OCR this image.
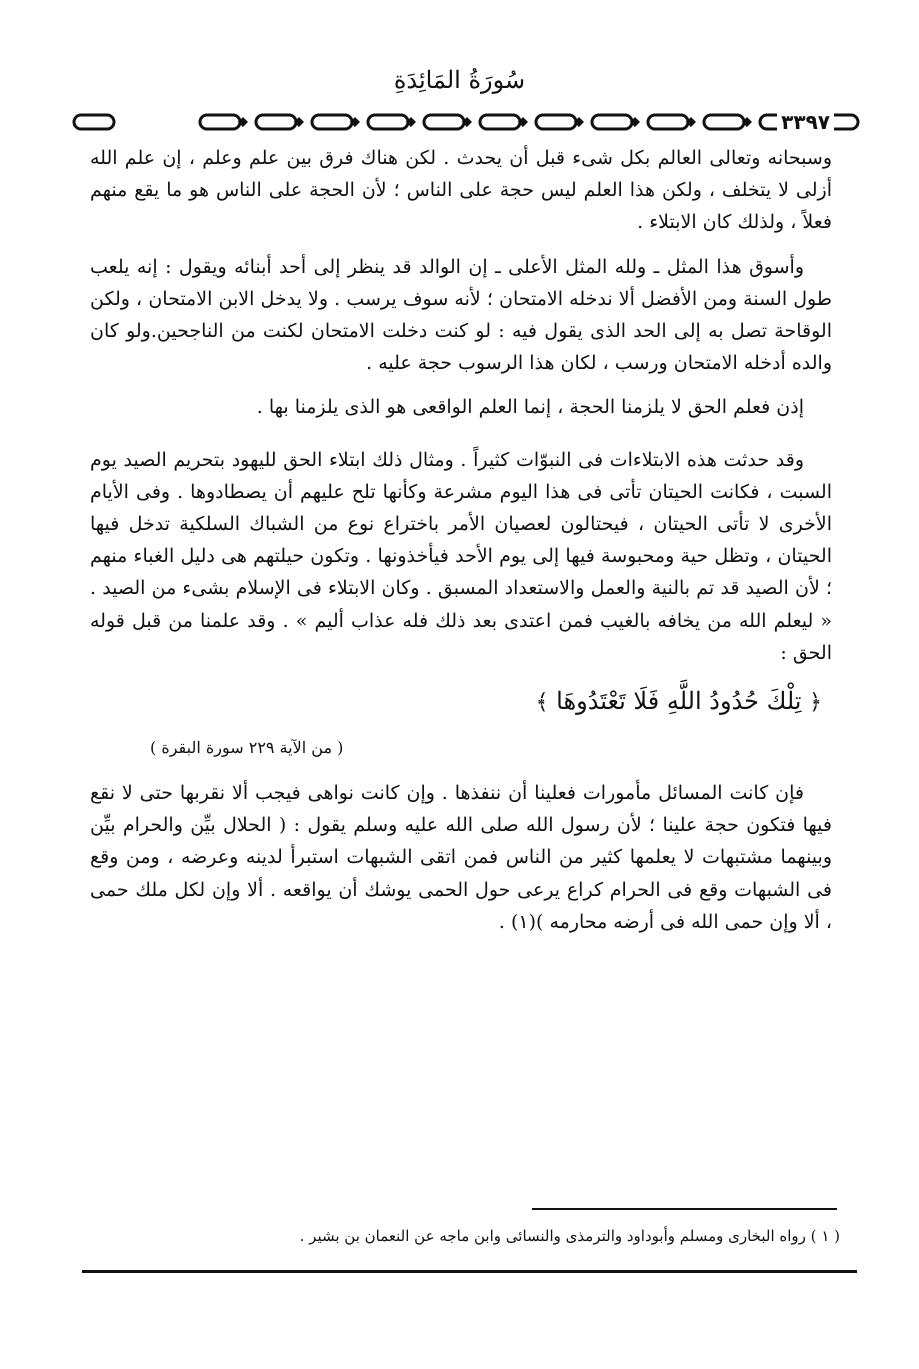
سُورَةُ المَائِدَةِ
٣٣٩٧

وسبحانه وتعالى العالم بكل شىء قبل أن يحدث . لكن هناك فرق بين علم وعلم ، إن علم الله أزلى لا يتخلف ، ولكن هذا العلم ليس حجة على الناس ؛ لأن الحجة على الناس هو ما يقع منهم فعلاً ، ولذلك كان الابتلاء .

وأسوق هذا المثل ـ ولله المثل الأعلى ـ إن الوالد قد ينظر إلى أحد أبنائه ويقول : إنه يلعب طول السنة ومن الأفضل ألا ندخله الامتحان ؛ لأنه سوف يرسب . ولا يدخل الابن الامتحان ، ولكن الوقاحة تصل به إلى الحد الذى يقول فيه : لو كنت دخلت الامتحان لكنت من الناجحين.ولو كان والده أدخله الامتحان ورسب ، لكان هذا الرسوب حجة عليه .

إذن فعلم الحق لا يلزمنا الحجة ، إنما العلم الواقعى هو الذى يلزمنا بها .

وقد حدثت هذه الابتلاءات فى النبوّات كثيراً . ومثال ذلك ابتلاء الحق لليهود بتحريم الصيد يوم السبت ، فكانت الحيتان تأتى فى هذا اليوم مشرعة وكأنها تلح عليهم أن يصطادوها . وفى الأيام الأخرى لا تأتى الحيتان ، فيحتالون لعصيان الأمر باختراع نوع من الشباك السلكية تدخل فيها الحيتان ، وتظل حية ومحبوسة فيها إلى يوم الأحد فيأخذونها . وتكون حيلتهم هى دليل الغباء منهم ؛ لأن الصيد قد تم بالنية والعمل والاستعداد المسبق . وكان الابتلاء فى الإسلام بشىء من الصيد . « ليعلم الله من يخافه بالغيب فمن اعتدى بعد ذلك فله عذاب أليم » . وقد علمنا من قبل قوله الحق :

﴿ تِلْكَ حُدُودُ اللَّهِ فَلَا تَعْتَدُوهَا ﴾
( من الآية ٢٢٩ سورة البقرة )

فإن كانت المسائل مأمورات فعلينا أن ننفذها . وإن كانت نواهى فيجب ألا نقربها حتى لا نقع فيها فتكون حجة علينا ؛ لأن رسول الله صلى الله عليه وسلم يقول : ( الحلال بيِّن والحرام بيِّن وبينهما مشتبهات لا يعلمها كثير من الناس فمن اتقى الشبهات استبرأ لدينه وعرضه ، ومن وقع فى الشبهات وقع فى الحرام كراع يرعى حول الحمى يوشك أن يواقعه . ألا وإن لكل ملك حمى ، ألا وإن حمى الله فى أرضه محارمه )(١) .

( ١ ) رواه البخارى ومسلم وأبوداود والترمذى والنسائى وابن ماجه عن النعمان بن بشير .
